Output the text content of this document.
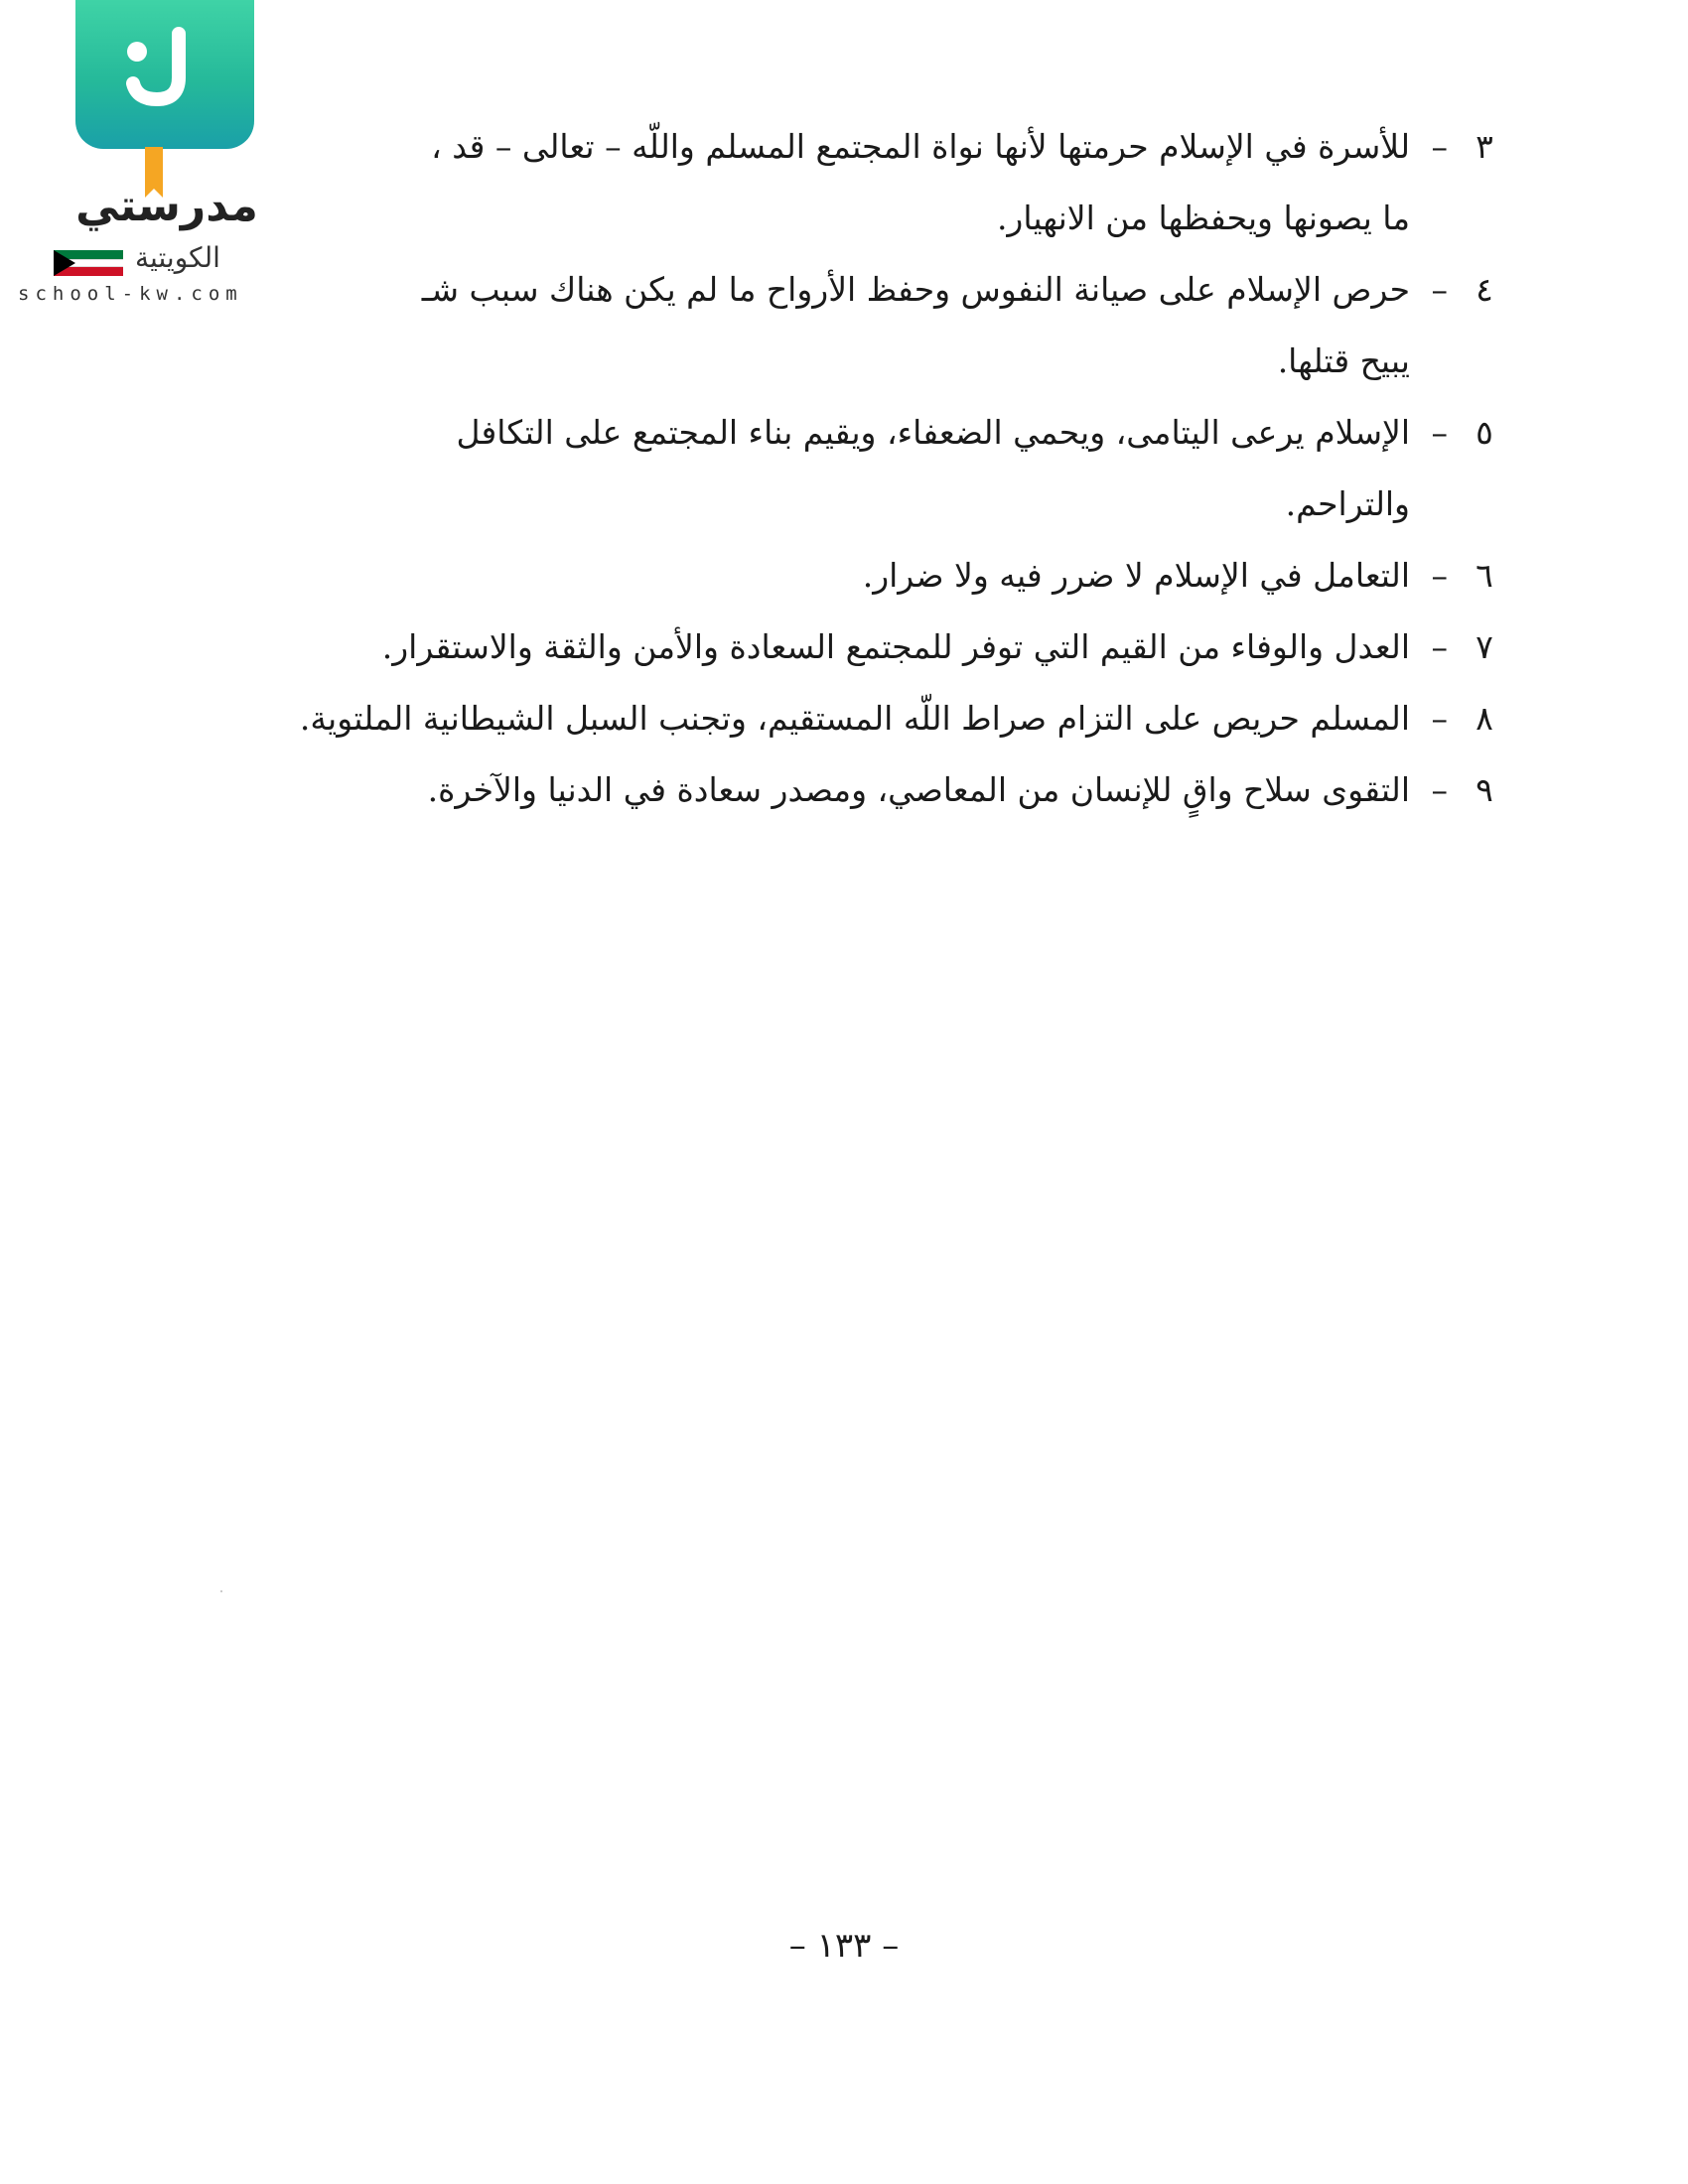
مدرستي
الكويتية
school-kw.com
٣
–
للأسرة في الإسلام حرمتها لأنها نواة المجتمع المسلم واللّه – تعالى – قد ،
ما يصونها ويحفظها من الانهيار.
٤
–
حرص الإسلام على صيانة النفوس وحفظ الأرواح ما لم يكن هناك سبب شـ
يبيح قتلها.
٥
–
الإسلام يرعى اليتامى، ويحمي الضعفاء، ويقيم بناء المجتمع على التكافل
والتراحم.
٦
–
التعامل في الإسلام لا ضرر فيه ولا ضرار.
٧
–
العدل والوفاء من القيم التي توفر للمجتمع السعادة والأمن والثقة والاستقرار.
٨
–
المسلم حريص على التزام صراط اللّه المستقيم، وتجنب السبل الشيطانية الملتوية.
٩
–
التقوى سلاح واقٍ للإنسان من المعاصي، ومصدر سعادة في الدنيا والآخرة.
– ١٣٣ –
